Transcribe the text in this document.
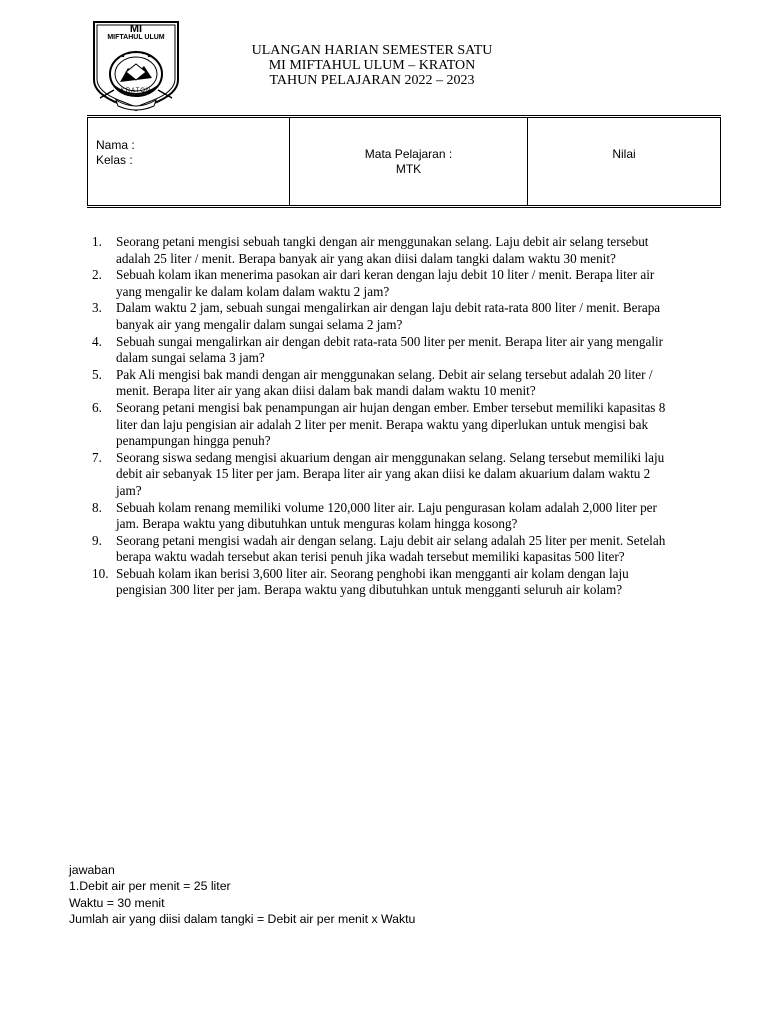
MI
MIFTAHUL ULUM
KRATON
ULANGAN HARIAN SEMESTER SATU
MI MIFTAHUL ULUM – KRATON
TAHUN PELAJARAN 2022 – 2023
Nama :
Kelas :	Mata Pelajaran :
MTK
Nilai
1. Seorang petani mengisi sebuah tangki dengan air menggunakan selang. Laju debit air selang tersebut adalah 25 liter / menit. Berapa banyak air yang akan diisi dalam tangki dalam waktu 30 menit?
2. Sebuah kolam ikan menerima pasokan air dari keran dengan laju debit 10 liter / menit. Berapa liter air yang mengalir ke dalam kolam dalam waktu 2 jam?
3. Dalam waktu 2 jam, sebuah sungai mengalirkan air dengan laju debit rata-rata 800 liter / menit. Berapa banyak air yang mengalir dalam sungai selama 2 jam?
4. Sebuah sungai mengalirkan air dengan debit rata-rata 500 liter per menit. Berapa liter air yang mengalir dalam sungai selama 3 jam?
5. Pak Ali mengisi bak mandi dengan air menggunakan selang. Debit air selang tersebut adalah 20 liter / menit. Berapa liter air yang akan diisi dalam bak mandi dalam waktu 10 menit?
6. Seorang petani mengisi bak penampungan air hujan dengan ember. Ember tersebut memiliki kapasitas 8 liter dan laju pengisian air adalah 2 liter per menit. Berapa waktu yang diperlukan untuk mengisi bak penampungan hingga penuh?
7. Seorang siswa sedang mengisi akuarium dengan air menggunakan selang. Selang tersebut memiliki laju debit air sebanyak 15 liter per jam. Berapa liter air yang akan diisi ke dalam akuarium dalam waktu 2 jam?
8. Sebuah kolam renang memiliki volume 120,000 liter air. Laju pengurasan kolam adalah 2,000 liter per jam. Berapa waktu yang dibutuhkan untuk menguras kolam hingga kosong?
9. Seorang petani mengisi wadah air dengan selang. Laju debit air selang adalah 25 liter per menit. Setelah berapa waktu wadah tersebut akan terisi penuh jika wadah tersebut memiliki kapasitas 500 liter?
10. Sebuah kolam ikan berisi 3,600 liter air. Seorang penghobi ikan mengganti air kolam dengan laju pengisian 300 liter per jam. Berapa waktu yang dibutuhkan untuk mengganti seluruh air kolam?
jawaban
1.Debit air per menit = 25 liter
Waktu = 30 menit
Jumlah air yang diisi dalam tangki = Debit air per menit x Waktu
